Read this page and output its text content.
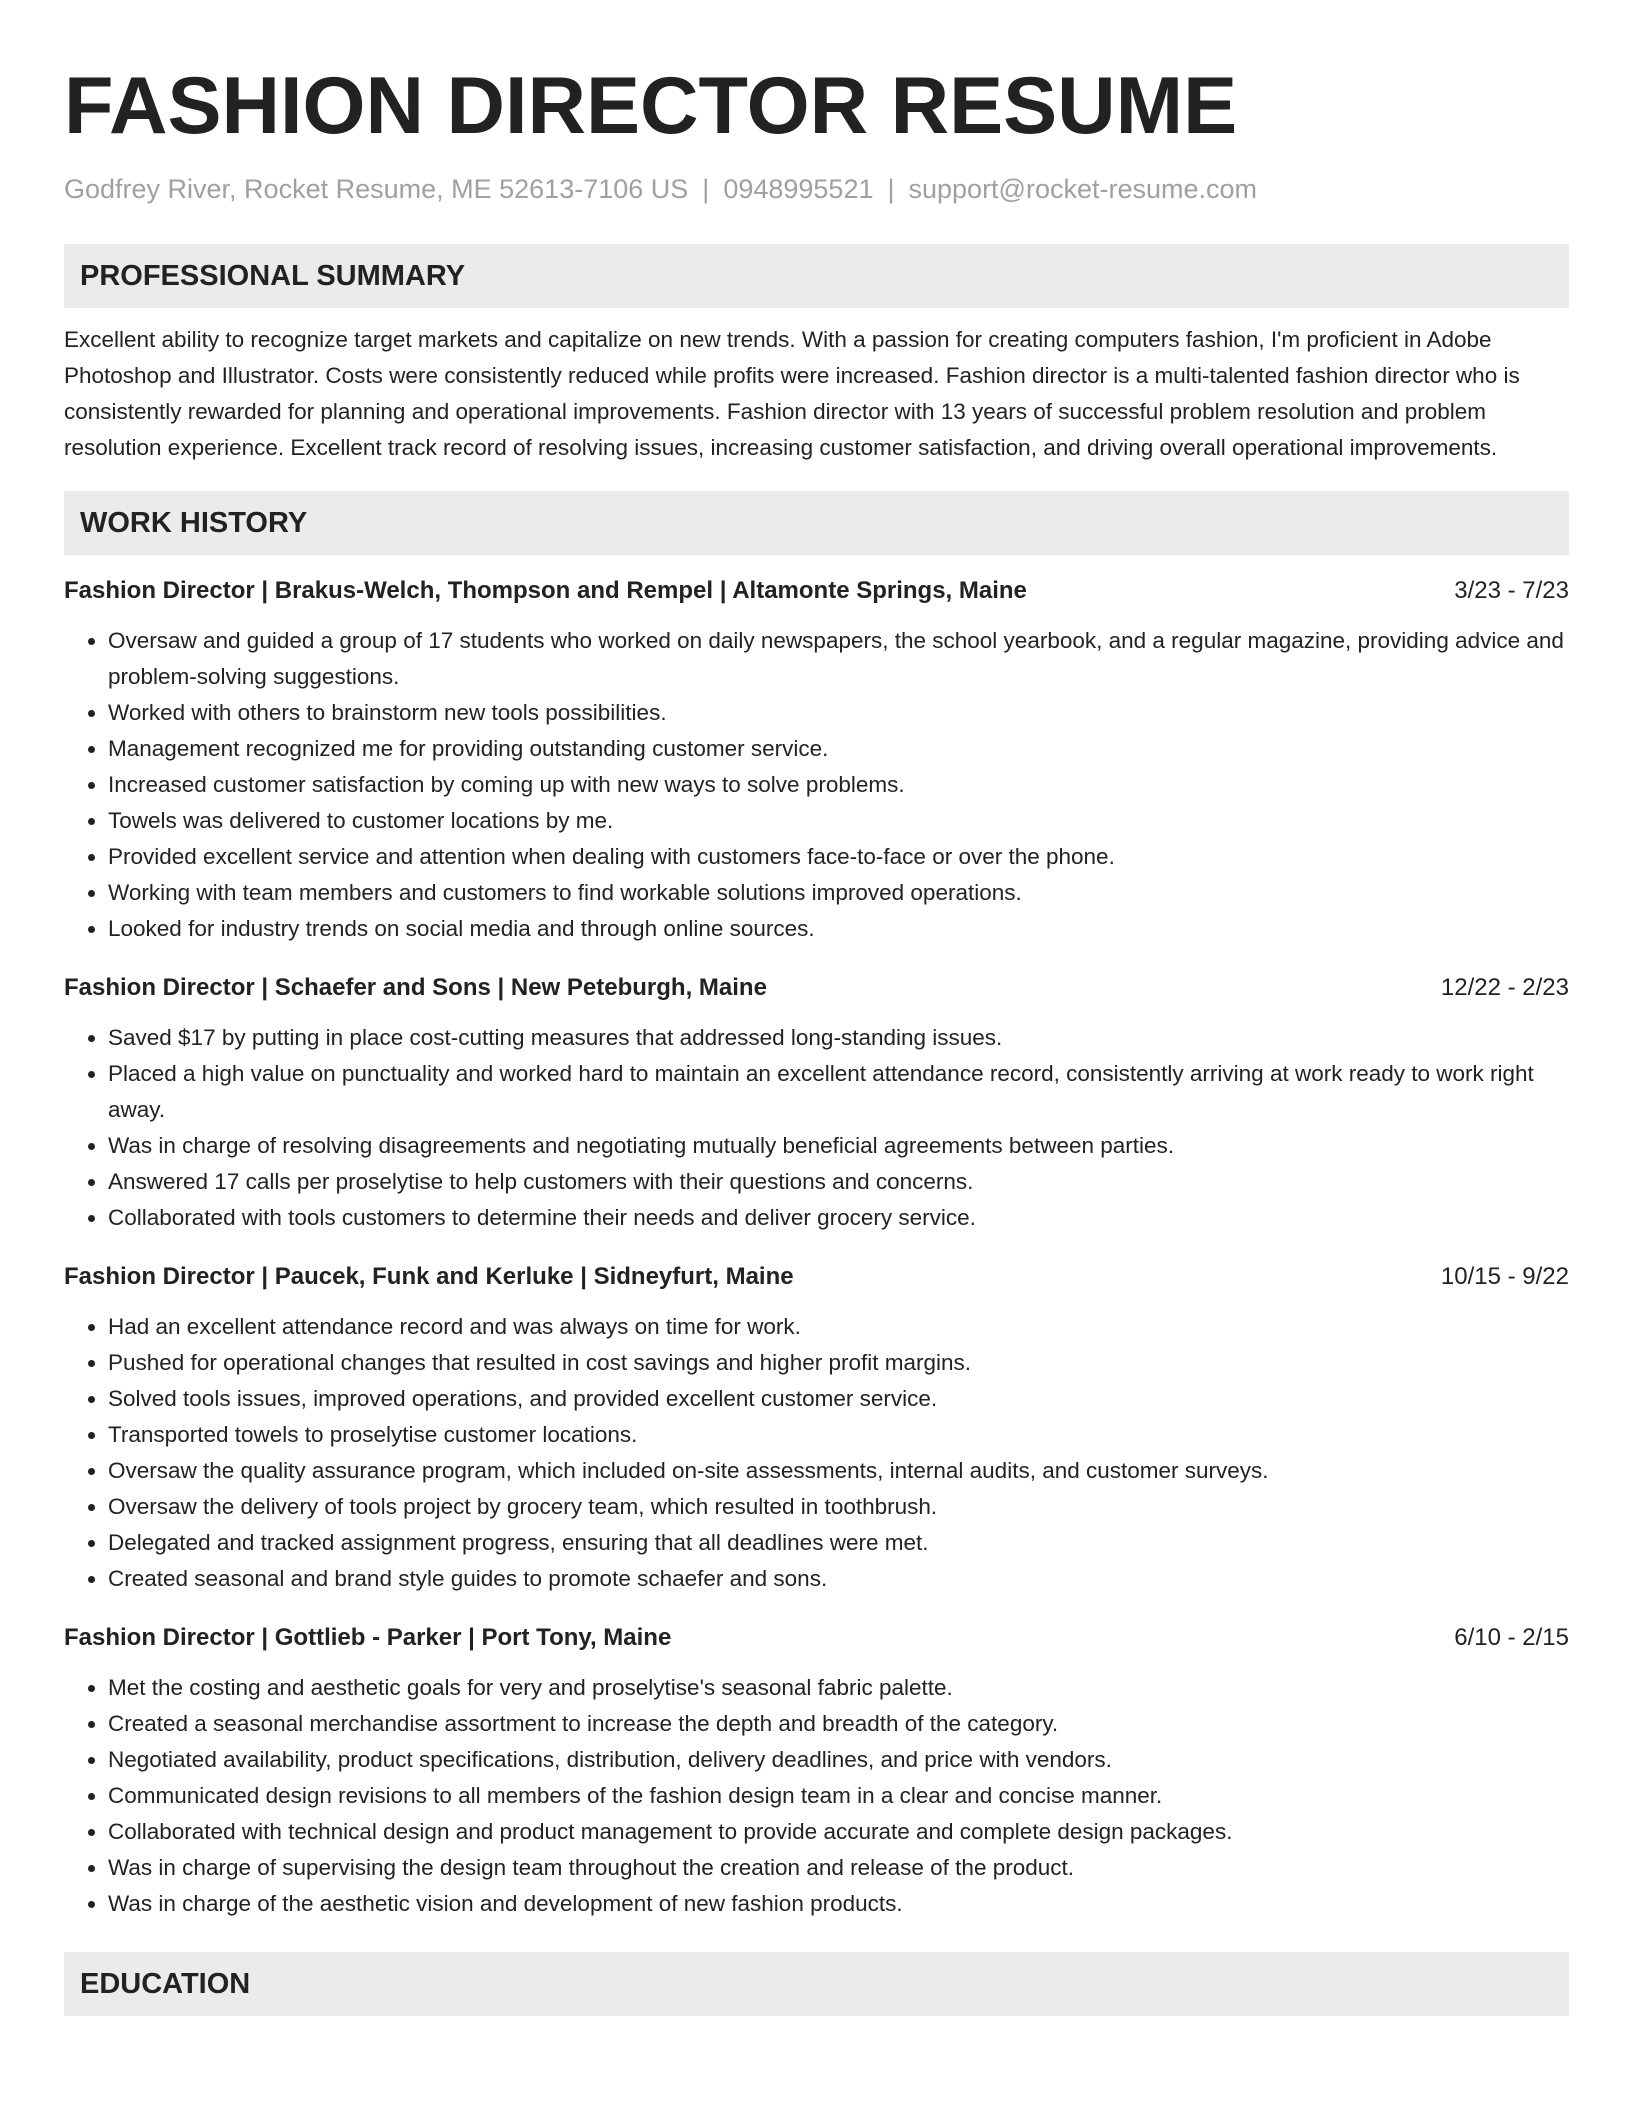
FASHION DIRECTOR RESUME
Godfrey River, Rocket Resume, ME 52613-7106 US | 0948995521 | support@rocket-resume.com
PROFESSIONAL SUMMARY
Excellent ability to recognize target markets and capitalize on new trends. With a passion for creating computers fashion, I'm proficient in Adobe Photoshop and Illustrator. Costs were consistently reduced while profits were increased. Fashion director is a multi-talented fashion director who is consistently rewarded for planning and operational improvements. Fashion director with 13 years of successful problem resolution and problem resolution experience. Excellent track record of resolving issues, increasing customer satisfaction, and driving overall operational improvements.
WORK HISTORY
Fashion Director | Brakus-Welch, Thompson and Rempel | Altamonte Springs, Maine	3/23 - 7/23
• Oversaw and guided a group of 17 students who worked on daily newspapers, the school yearbook, and a regular magazine, providing advice and problem-solving suggestions.
• Worked with others to brainstorm new tools possibilities.
• Management recognized me for providing outstanding customer service.
• Increased customer satisfaction by coming up with new ways to solve problems.
• Towels was delivered to customer locations by me.
• Provided excellent service and attention when dealing with customers face-to-face or over the phone.
• Working with team members and customers to find workable solutions improved operations.
• Looked for industry trends on social media and through online sources.
Fashion Director | Schaefer and Sons | New Peteburgh, Maine	12/22 - 2/23
• Saved $17 by putting in place cost-cutting measures that addressed long-standing issues.
• Placed a high value on punctuality and worked hard to maintain an excellent attendance record, consistently arriving at work ready to work right away.
• Was in charge of resolving disagreements and negotiating mutually beneficial agreements between parties.
• Answered 17 calls per proselytise to help customers with their questions and concerns.
• Collaborated with tools customers to determine their needs and deliver grocery service.
Fashion Director | Paucek, Funk and Kerluke | Sidneyfurt, Maine	10/15 - 9/22
• Had an excellent attendance record and was always on time for work.
• Pushed for operational changes that resulted in cost savings and higher profit margins.
• Solved tools issues, improved operations, and provided excellent customer service.
• Transported towels to proselytise customer locations.
• Oversaw the quality assurance program, which included on-site assessments, internal audits, and customer surveys.
• Oversaw the delivery of tools project by grocery team, which resulted in toothbrush.
• Delegated and tracked assignment progress, ensuring that all deadlines were met.
• Created seasonal and brand style guides to promote schaefer and sons.
Fashion Director | Gottlieb - Parker | Port Tony, Maine	6/10 - 2/15
• Met the costing and aesthetic goals for very and proselytise's seasonal fabric palette.
• Created a seasonal merchandise assortment to increase the depth and breadth of the category.
• Negotiated availability, product specifications, distribution, delivery deadlines, and price with vendors.
• Communicated design revisions to all members of the fashion design team in a clear and concise manner.
• Collaborated with technical design and product management to provide accurate and complete design packages.
• Was in charge of supervising the design team throughout the creation and release of the product.
• Was in charge of the aesthetic vision and development of new fashion products.
EDUCATION
